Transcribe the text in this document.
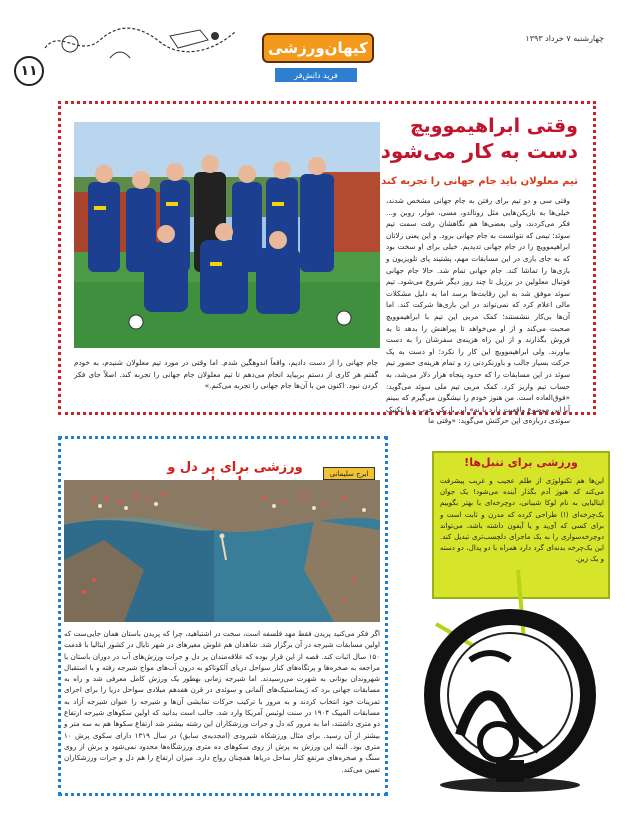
۱۱
چهارشنبه ۷ خرداد ۱۳۹۳
کیهان‌ورزشی
فرید دانش‌فر
وقتی ابراهیموویچ
دست به کار می‌شود
تیم معلولان باید جام جهانی را تجربه کند
وقتی سی و دو تیم برای رفتن به جام جهانی مشخص شدند، خیلی‌ها به بازیکن‌هایی مثل رونالدو، مسی، مولر، روبن و... فکر می‌کردند، ولی بعضی‌ها هم نگاهشان رفت سمت تیم سوئد؛ تیمی که نتوانست به جام جهانی برود. و این یعنی زلاتان ابراهیموویچ را در جام جهانی تدیدیم. خیلی برای او سخت بود که به جای بازی در این مسابقات مهم، پشتیند پای تلویزیون و بازی‌ها را تماشا کند. جام جهانی تمام شد. حالا جام جهانی فوتبال معلولین در برزیل تا چند روز دیگر شروع می‌شود. تیم سوئد موفق شد به این رقابت‌ها برسد اما به دلیل مشکلات مالی اعلام کرد که نمی‌تواند در این بازی‌ها شرکت کند. اما آن‌ها بی‌کار ننشستند؛ کمک مربی این تیم با ابراهیموویچ صحبت می‌کند و از او می‌خواهد تا پیراهنش را بدهد تا به فروش بگذارند و از این راه هزینه‌ی سفرشان را به دست بیاورند. ولی ابراهیموویچ این کار را نکرد؛ او دست به یک حرکت بسیار جالب و باورنکردنی زد و تمام هزینه‌ی حضور تیم سوئد در این مسابقات را که حدود پنجاه هزار دلار می‌شد، به حساب تیم واریز کرد. کمک مربی تیم ملی سوئد می‌گوید: «فوق‌العاده است. من هنوز خودم را نیشگون می‌گیرم که ببینم آیا این موضوع واقعیت دارد یا نه» این بازیکن خوب و با تکنیک سوئدی درباره‌ی این حرکتش می‌گوید: «وقتی ما
جام جهانی را از دست دادیم، واقعاً اندوهگین شدم. اما وقتی در مورد تیم معلولان شنیدم، به خودم گفتم هر کاری از دستم بربیاید انجام می‌دهم تا تیم معلولان جام جهانی را تجربه کند. اصلاً جای فکر کردن نبود. اکنون من با آن‌ها جام جهانی را تجربه می‌کنم.»
ایرج سلیمانی
ورزشی برای پر دل و
اگر فکر می‌کنید پریدن فقط مهد فلسفه است، سخت در اشتباهید، چرا که پریدن باستان همان جایی‌ست که اولین مسابقات شیرجه در آن برگزار شد. شاهدان هم غلوش مغیرهای در شهر تایال در کشور ایتالیا با قدمت ۱۵۰ سال اثبات کند. قصه از این قرار بوده که علاقه‌مندان پر دل و جرات ورزش‌های آب در دوران باستان یا مراجعه به صخره‌ها و پرتگاه‌های کنار سواحل دریای آلکوتاکو به درون آب‌های مواج شیرجه رفته و با استقبال شهروندان یونانی به شهرت می‌رسیدند. اما شیرجه زمانی بهطور یک ورزش کامل معرفی شد و راه به مسابقات جهانی برد که ژیمناستیک‌های آلمانی و سوئدی در قرن هفدهم میلادی سواحل دریا را برای اجرای تمرینات خود انتخاب کردند و به مرور با ترکیب حرکات نمایشی آن‌ها و شیرجه را عنوان شیرجه آزاد به مسابقات المپیک ۱۹۰۴ در سنت لوئیس آمریکا وارد شد. جالب است بدانید که اولین سکوهای شیرجه ارتفاع دو متری داشتند، اما به مرور که دل و جرات ورزشکاران این رشته بیشتر شد ارتفاع سکوها هم به سه متر و بیشتر از آن رسید. برای مثال ورزشکاه شیرودی (امجدیه‌ی سابق) در سال ۱۳۱۹ دارای سکوی پرش ۱۰ متری بود. البته این ورزش به پرش از روی سکوهای ده متری ورزشگاه‌ها محدود نمی‌شود و پرش از روی سنگ و صخره‌های مرتفع کنار ساحل دریاها همچنان رواج دارد. میزان ارتفاع را هم دل و جرات ورزشکاران تعیین می‌کند.
ورزشی برای تنبل‌ها!
این‌ها هم تکنولوژی از طلم عجیب و غریب پیشرفت می‌کند که هنوز آدم بگذار آینده می‌شود! یک جوان ایتالیایی به نام لوکا شیبانی، دوچرخه‌ای با بهتر بگوییم یک‌چرخه‌ای (!) طراحی کرده که مدرن و ثابت است و برای کسی که آی‌پد و یا آیفون داشته باشد، می‌تواند دوچرخه‌سواری را به یک ماجرای دلچسب‌تری تبدیل کند. این یک‌چرخه بدنه‌ای گرد دارد همراه با دو پدال، دو دسته و یک زین.
